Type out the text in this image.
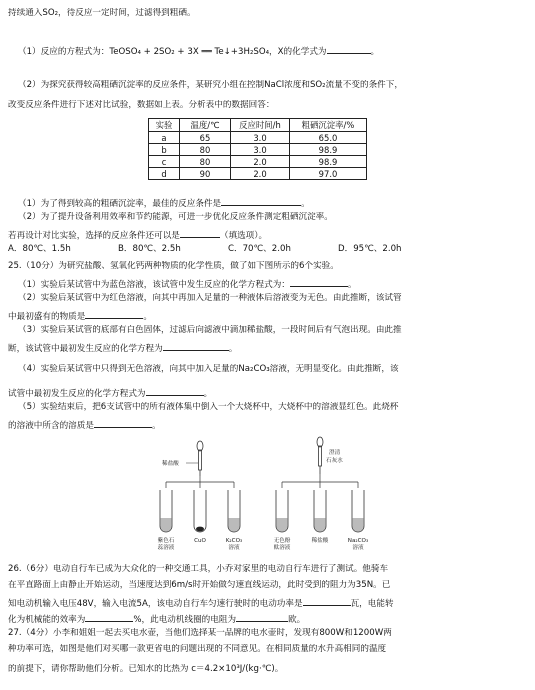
持续通入SO₂，待反应一定时间，过滤得到粗硒。
（1）反应的方程式为：TeOSO₄ + 2SO₂ + 3X ══ Te↓+3H₂SO₄，X的化学式为	。
（2）为探究获得较高粗硒沉淀率的反应条件，某研究小组在控制NaCl浓度和SO₂流量不变的条件下，
改变反应条件进行下述对比试验，数据如上表。分析表中的数据回答：
实验	温度/℃	反应时间/h	粗硒沉淀率/%
a	65	3.0	65.0
b	80	3.0	98.9
c	80	2.0	98.9
d	90	2.0	97.0
（1）为了得到较高的粗硒沉淀率，最佳的反应条件是	。
（2）为了提升设备利用效率和节约能源，可进一步优化反应条件测定粗硒沉淀率。
若再设计对比实验，选择的反应条件还可以是	（填选项）。
A．80℃、1.5h	B．80℃、2.5h	C．70℃、2.0h	D．95℃、2.0h
25.（10分）为研究盐酸、氢氧化钙两种物质的化学性质，做了如下图所示的6个实验。
（1）实验后某试管中为蓝色溶液，该试管中发生反应的化学方程式为：	。
（2）实验后某试管中为红色溶液，向其中再加入足量的一种液体后溶液变为无色。由此推断，该试管
中最初盛有的物质是	。
（3）实验后某试管的底部有白色固体，过滤后向滤液中滴加稀盐酸，一段时间后有气泡出现。由此推
断，该试管中最初发生反应的化学方程为	。
（4）实验后某试管中只得到无色溶液，向其中加入足量的Na₂CO₃溶液，无明显变化。由此推断，该
试管中最初发生反应的化学方程式为	。
（5）实验结束后，把6支试管中的所有液体集中倒入一个大烧杯中，大烧杯中的溶液显红色。此烧杯
的溶液中所含的溶质是	。
稀盐酸
澄清
石灰水
紫色石
蕊溶液
CuO	K₂CO₃
溶液
无色酚
酞溶液
稀盐酸	Na₂CO₃
溶液
26.（6分）电动自行车已成为大众化的一种交通工具，小乔对家里的电动自行车进行了测试。他骑车
在平直路面上由静止开始运动，当速度达到6m/s时开始做匀速直线运动，此时受到的阻力为35N。已
知电动机输入电压48V，输入电流5A，该电动自行车匀速行驶时的电动功率是	瓦，电能转
化为机械能的效率为	%，此电动机线圈的电阻为	欧。
27.（4分）小李和姐姐一起去买电水壶，当他们选择某一品牌的电水壶时，发现有800W和1200W两
种功率可选，如图是他们对买哪一款更省电的问题出现的不同意见。在相同质量的水升高相同的温度
的前提下，请你帮助他们分析。已知水的比热为 c＝4.2×10³J/(kg·℃)。
